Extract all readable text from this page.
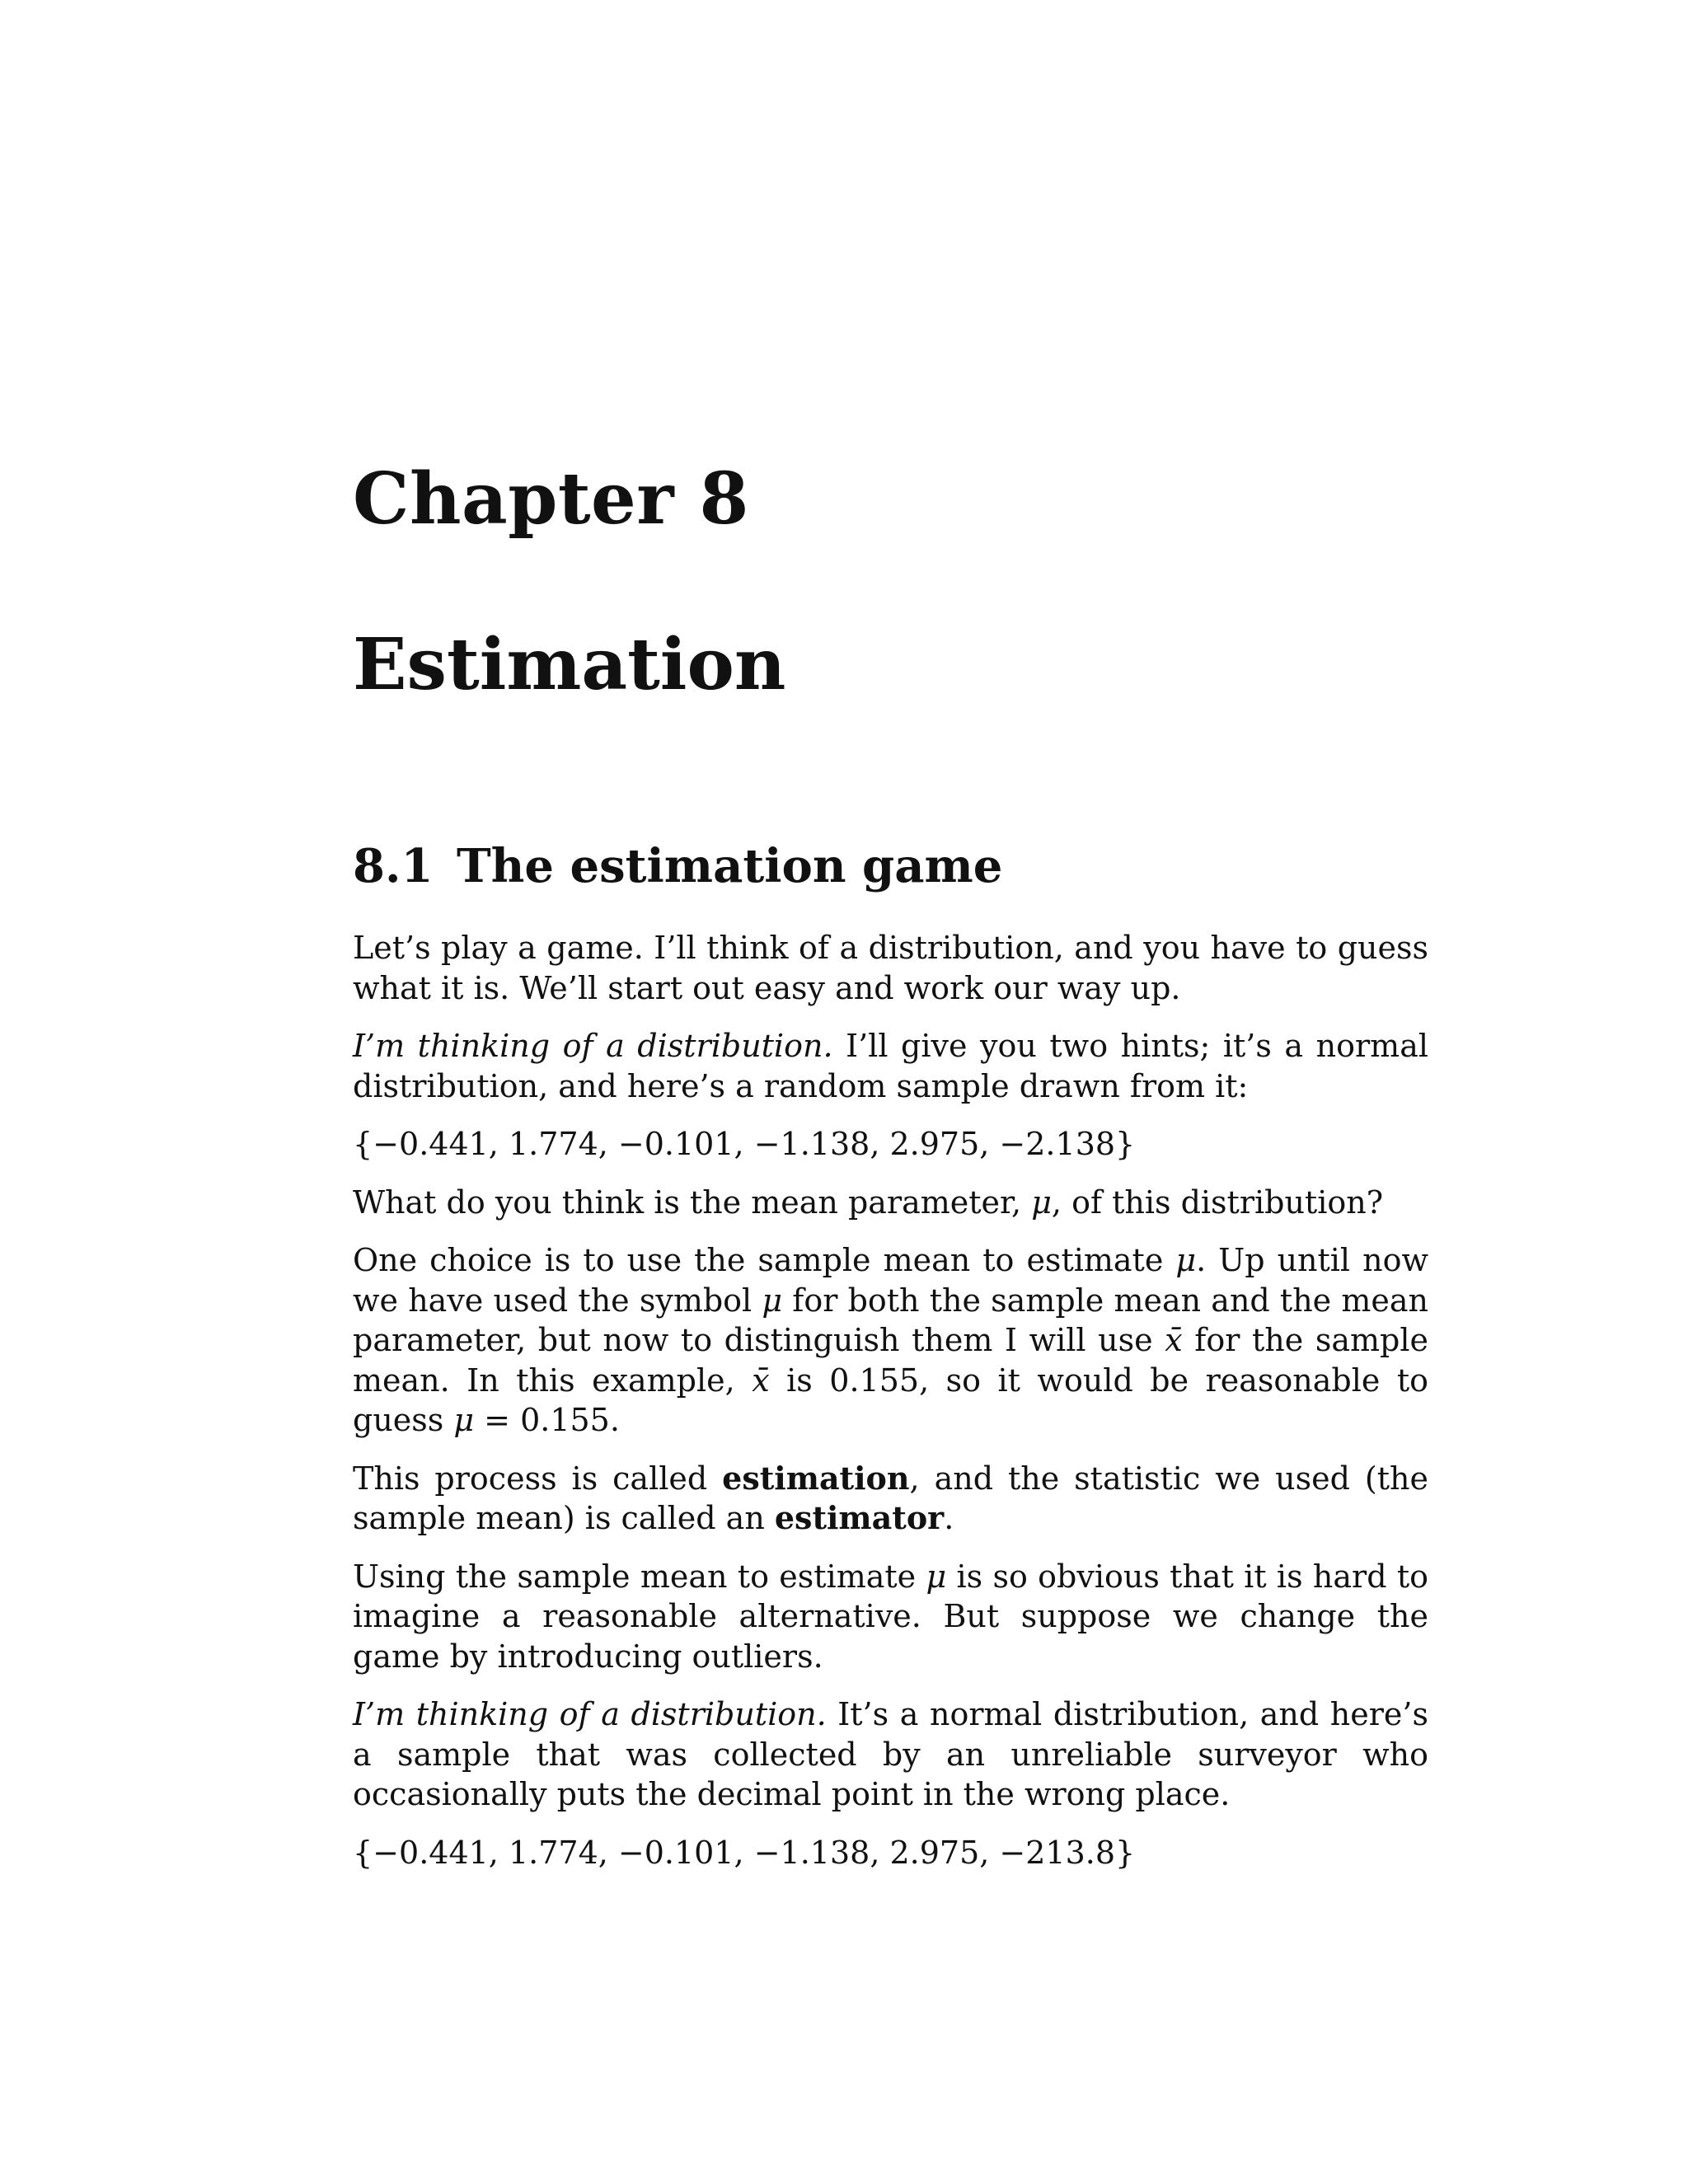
Chapter 8
Estimation
8.1 The estimation game

Let’s play a game. I’ll think of a distribution, and you have to guess what it is. We’ll start out easy and work our way up.

I’m thinking of a distribution. I’ll give you two hints; it’s a normal distribution, and here’s a random sample drawn from it:

{−0.441, 1.774, −0.101, −1.138, 2.975, −2.138}

What do you think is the mean parameter, μ, of this distribution?

One choice is to use the sample mean to estimate μ. Up until now we have used the symbol μ for both the sample mean and the mean parameter, but now to distinguish them I will use x̄ for the sample mean. In this example, x̄ is 0.155, so it would be reasonable to guess μ = 0.155.

This process is called estimation, and the statistic we used (the sample mean) is called an estimator.

Using the sample mean to estimate μ is so obvious that it is hard to imagine a reasonable alternative. But suppose we change the game by introducing outliers.

I’m thinking of a distribution. It’s a normal distribution, and here’s a sample that was collected by an unreliable surveyor who occasionally puts the decimal point in the wrong place.

{−0.441, 1.774, −0.101, −1.138, 2.975, −213.8}
